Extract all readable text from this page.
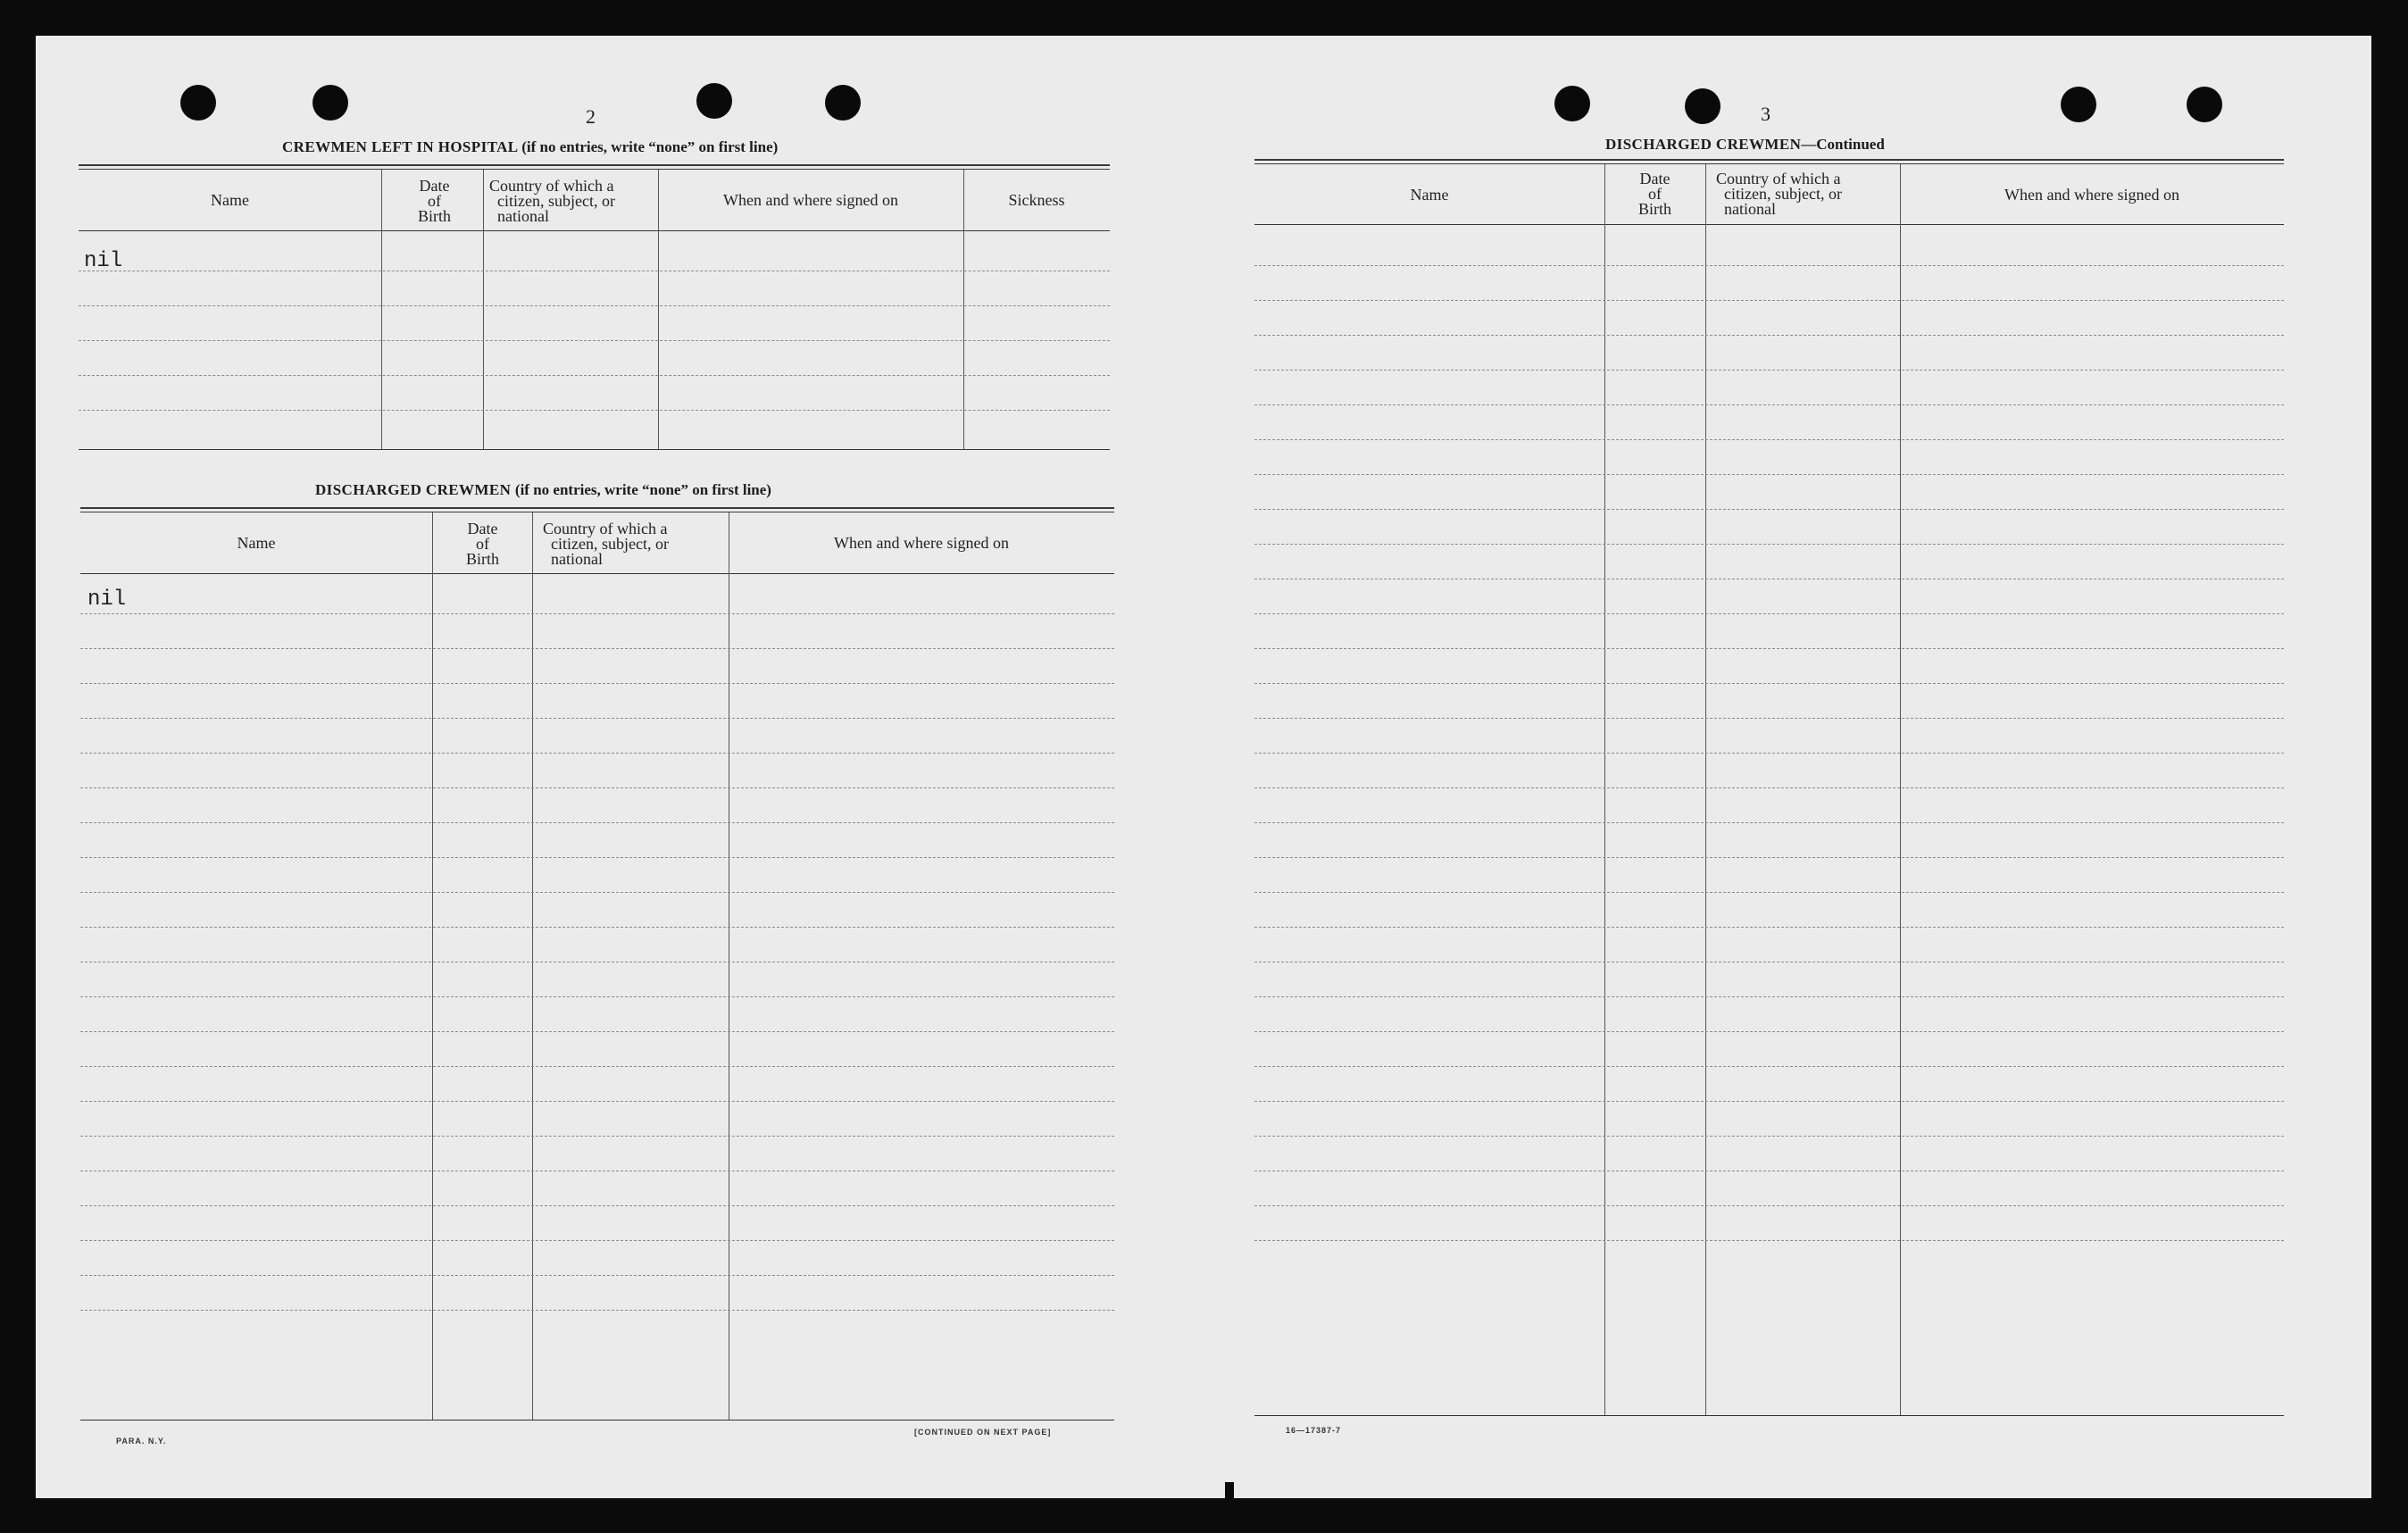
2
CREWMEN LEFT IN HOSPITAL (if no entries, write “none” on first line)
Name
Date
of
Birth
Country of which a
citizen, subject, or
national
When and where signed on	Sickness
nil
DISCHARGED CREWMEN (if no entries, write “none” on first line)
Name
Date
of
Birth
Country of which a
citizen, subject, or
national
When and where signed on
nil
PARA. N.Y.
[CONTINUED ON NEXT PAGE]
3
DISCHARGED CREWMEN—Continued
Name
Date
of
Birth
Country of which a
citizen, subject, or
national
When and where signed on
16—17387-7
